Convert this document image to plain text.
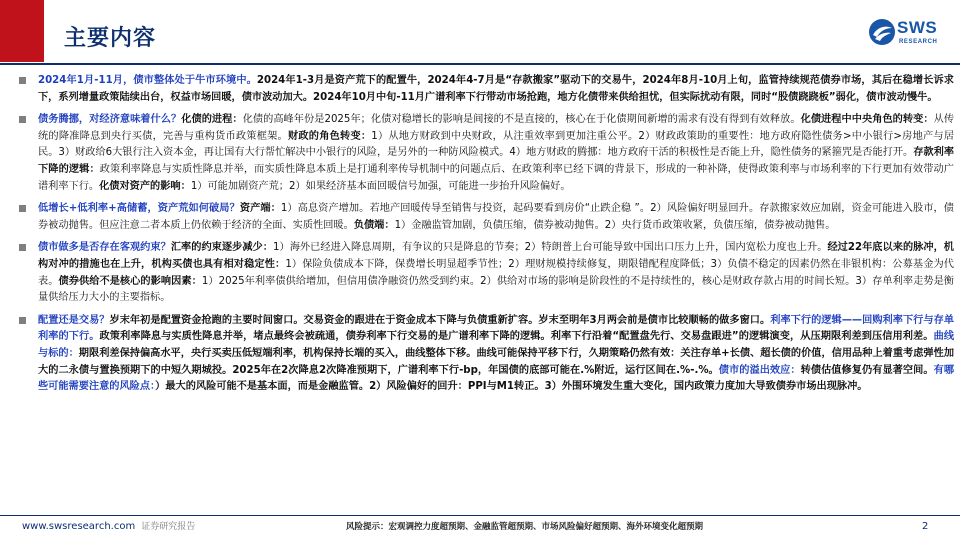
主要内容	SWS
RESEARCH
2024年1月-11月，债市整体处于牛市环境中。2024年1-3月是资产荒下的配置牛，2024年4-7月是“存款搬家”驱动下的交易牛，2024年8月-10月上旬，监管持续规范债券市场，其后在稳增长诉求下，系列增量政策陆续出台，权益市场回暖，债市波动加大。2024年10月中旬-11月广谱利率下行带动市场抢跑，地方化债带来供给担忧，但实际扰动有限，同时“股债跷跷板”弱化，债市波动慢牛。
债务腾挪，对经济意味着什么？化债的进程：化债的高峰年份是2025年；化债对稳增长的影响是间接的不是直接的，核心在于化债期间新增的需求有没有得到有效释放。化债进程中中央角色的转变：从传统的降准降息到央行买债，完善与重构货币政策框架。财政的角色转变：1）从地方财政到中央财政，从注重效率到更加注重公平。2）财政政策助的重要性：地方政府隐性债务>中小银行>房地产与居民。3）财政给6大银行注入资本金，再让国有大行帮忙解决中小银行的风险，是另外的一种防风险模式。4）地方财政的腾挪：地方政府干活的积极性是否能上升，隐性债务的紧箍咒是否能打开。存款利率下降的逻辑：政策利率降息与实质性降息并举，而实质性降息本质上是打通利率传导机制中的问题点后、在政策利率已经下调的背景下，形成的一种补降，使得政策利率与市场利率的下行更加有效带动广谱利率下行。化债对资产的影响：1）可能加剧资产荒；2）如果经济基本面回暖信号加强，可能进一步抬升风险偏好。
低增长+低利率+高储蓄，资产荒如何破局？资产端：1）高息资产增加。若地产回暖传导至销售与投资，起码要看到房价“止跌企稳 ”。2）风险偏好明显回升。存款搬家效应加剧，资金可能进入股市，债券被动抛售。但应注意二者本质上仍依赖于经济的全面、实质性回暖。负债端：1）金融监管加剧，负债压缩，债券被动抛售。2）央行货币政策收紧，负债压缩，债券被动抛售。
债市做多是否存在客观约束？汇率的约束逐步减少：1）海外已经进入降息周期，有争议的只是降息的节奏；2）特朗普上台可能导致中国出口压力上升，国内宽松力度也上升。经过22年底以来的脉冲，机构对冲的措施也在上升，机构买债也具有相对稳定性：1）保险负债成本下降，保费增长明显超季节性；2）理财规模持续修复，期限错配程度降低；3）负债不稳定的因素仍然在非银机构：公募基金为代表。债券供给不是核心的影响因素：1）2025年利率债供给增加，但信用债净融资仍然受到约束。2）供给对市场的影响是阶段性的不是持续性的，核心是财政存款占用的时间长短。3）存单利率走势是衡量供给压力大小的主要指标。
配置还是交易？岁末年初是配置资金抢跑的主要时间窗口。交易资金的跟进在于资金成本下降与负债重新扩容。岁末至明年3月两会前是债市比较顺畅的做多窗口。利率下行的逻辑——回购利率下行与存单利率的下行。政策利率降息与实质性降息并举，堵点最终会被疏通，债券利率下行交易的是广谱利率下降的逻辑。利率下行沿着“配置盘先行、交易盘跟进”的逻辑演变，从压期限利差到压信用利差。曲线与标的：期限利差保持偏高水平，央行买卖压低短端利率，机构保持长端的买入，曲线整体下移。曲线可能保持平移下行，久期策略仍然有效：关注存单+长债、超长债的价值，信用品种上着重考虑弹性加大的二永债与置换预期下的中短久期城投。2025年在2次降息2次降准预期下，广谱利率下行-bp，年国债的底部可能在.%附近，运行区间在.%-.%。债市的溢出效应：转债估值修复仍有显著空间。有哪些可能需要注意的风险点：）最大的风险可能不是基本面，而是金融监管。2）风险偏好的回升：PPI与M1转正。3）外围环境发生重大变化，国内政策力度加大导致债券市场出现脉冲。
www.swsresearch.com 证券研究报告	风险提示：宏观调控力度超预期、金融监管超预期、市场风险偏好超预期、海外环境变化超预期	2
